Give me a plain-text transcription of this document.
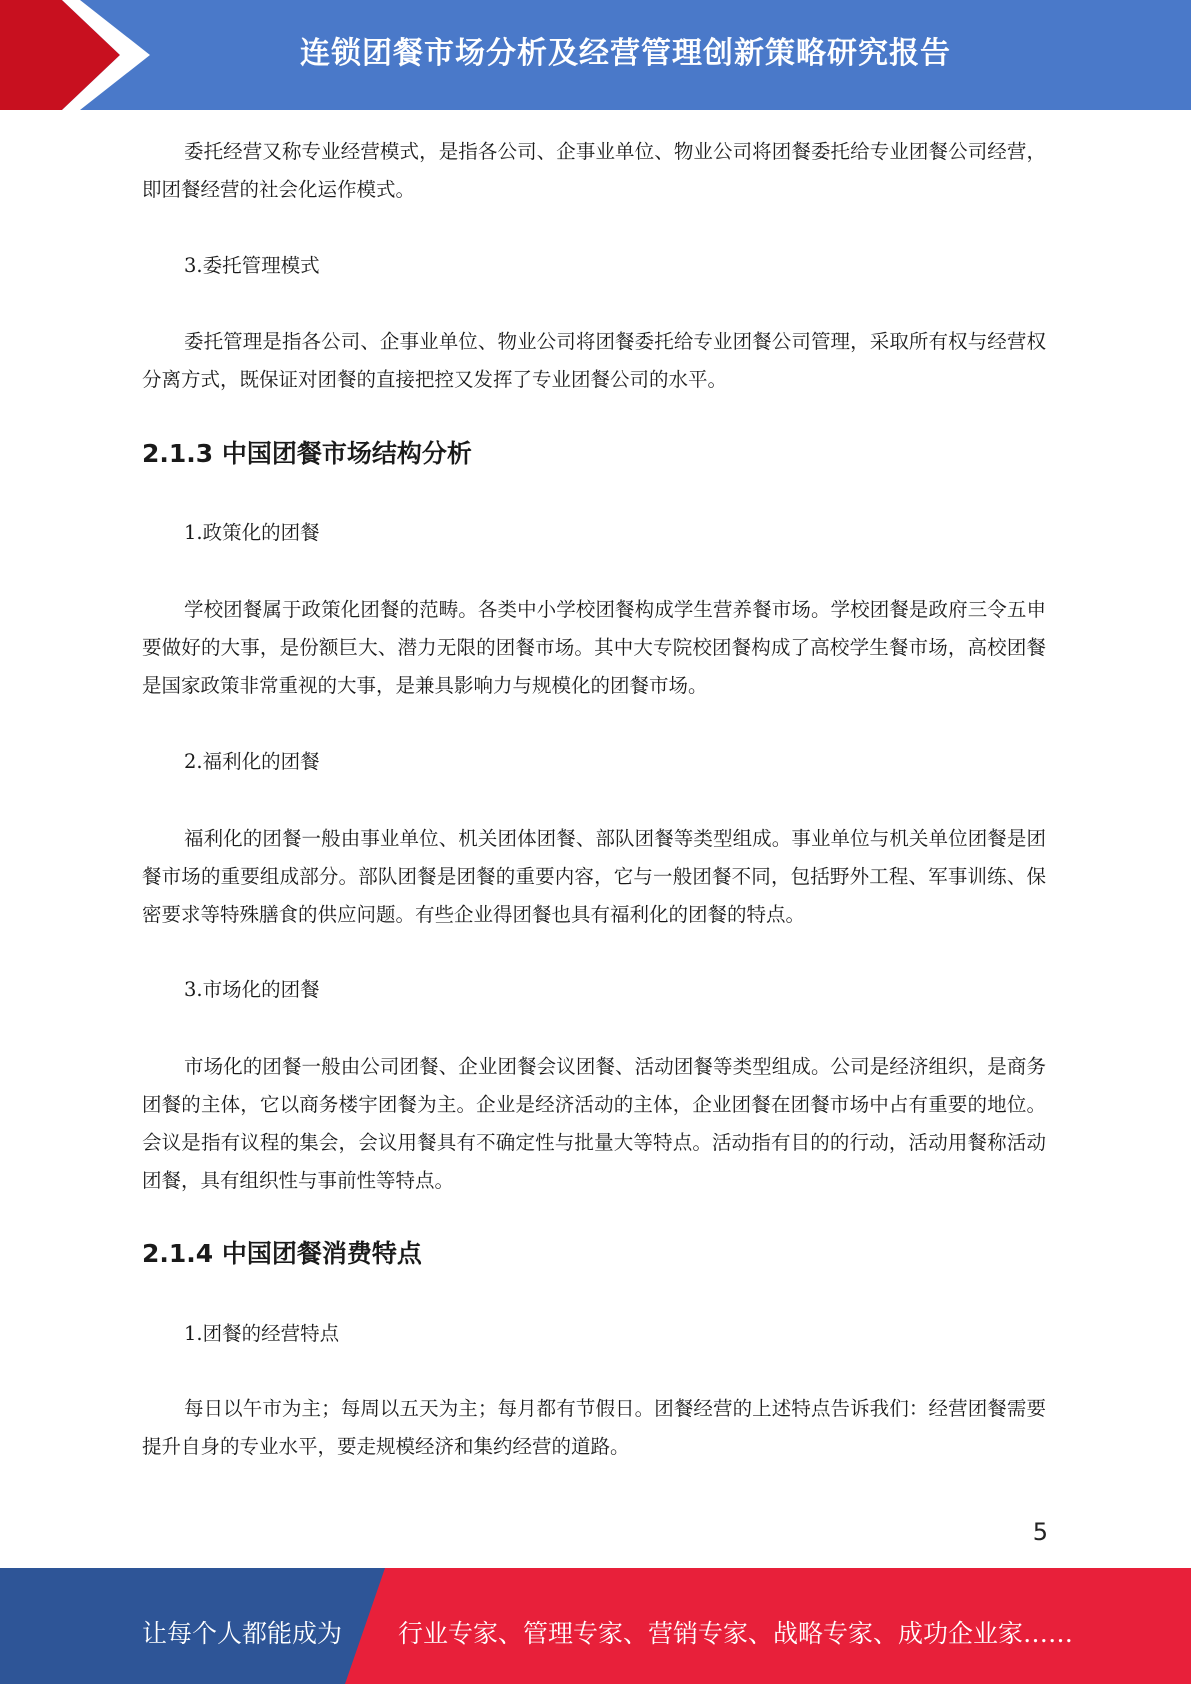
连锁团餐市场分析及经营管理创新策略研究报告

委托经营又称专业经营模式，是指各公司、企事业单位、物业公司将团餐委托给专业团餐公司经营，即团餐经营的社会化运作模式。

3.委托管理模式

委托管理是指各公司、企事业单位、物业公司将团餐委托给专业团餐公司管理，采取所有权与经营权分离方式，既保证对团餐的直接把控又发挥了专业团餐公司的水平。

2.1.3 中国团餐市场结构分析

1.政策化的团餐

学校团餐属于政策化团餐的范畴。各类中小学校团餐构成学生营养餐市场。学校团餐是政府三令五申要做好的大事，是份额巨大、潜力无限的团餐市场。其中大专院校团餐构成了高校学生餐市场，高校团餐是国家政策非常重视的大事，是兼具影响力与规模化的团餐市场。

2.福利化的团餐

福利化的团餐一般由事业单位、机关团体团餐、部队团餐等类型组成。事业单位与机关单位团餐是团餐市场的重要组成部分。部队团餐是团餐的重要内容，它与一般团餐不同，包括野外工程、军事训练、保密要求等特殊膳食的供应问题。有些企业得团餐也具有福利化的团餐的特点。

3.市场化的团餐

市场化的团餐一般由公司团餐、企业团餐会议团餐、活动团餐等类型组成。公司是经济组织，是商务团餐的主体，它以商务楼宇团餐为主。企业是经济活动的主体，企业团餐在团餐市场中占有重要的地位。会议是指有议程的集会，会议用餐具有不确定性与批量大等特点。活动指有目的的行动，活动用餐称活动团餐，具有组织性与事前性等特点。

2.1.4 中国团餐消费特点

1.团餐的经营特点

每日以午市为主；每周以五天为主；每月都有节假日。团餐经营的上述特点告诉我们：经营团餐需要提升自身的专业水平，要走规模经济和集约经营的道路。

5
让每个人都能成为 行业专家、管理专家、营销专家、战略专家、成功企业家……
